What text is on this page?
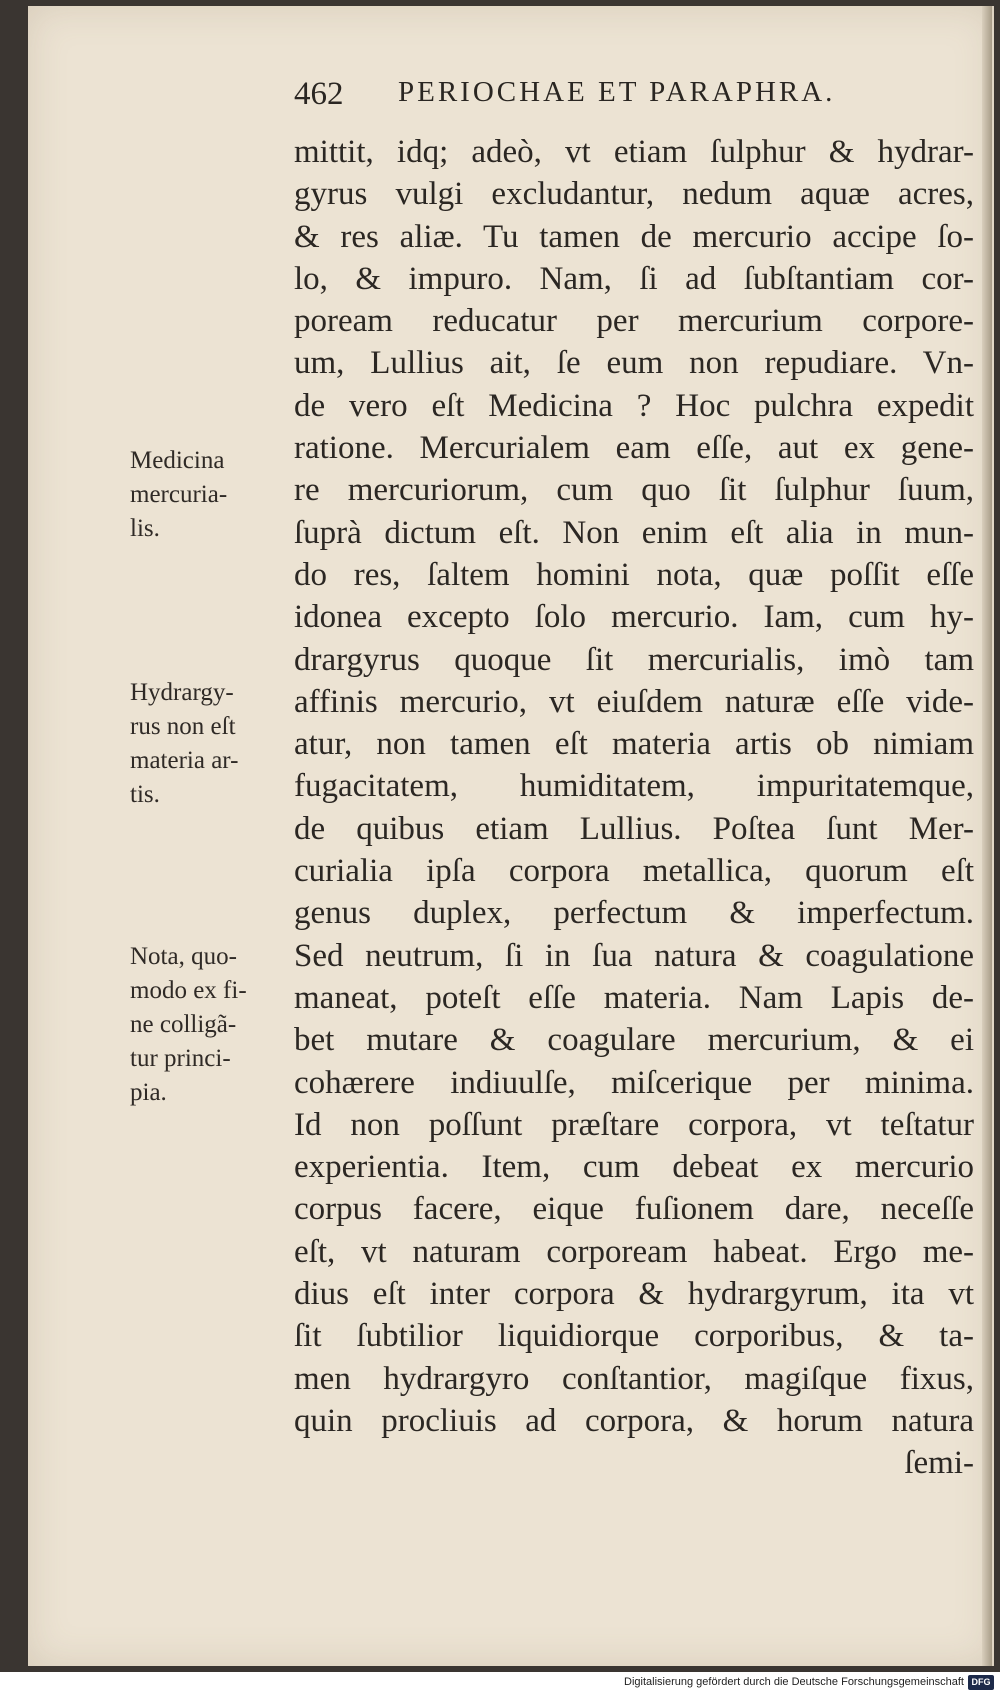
462 PERIOCHAE ET PARAPHRA.
mittit, idq; adeò, vt etiam ſulphur & hydrar-
gyrus vulgi excludantur, nedum aquæ acres,
& res aliæ. Tu tamen de mercurio accipe ſo-
lo, & impuro. Nam, ſi ad ſubſtantiam cor-
poream reducatur per mercurium corpore-
um, Lullius ait, ſe eum non repudiare. Vn-
de vero eſt Medicina ? Hoc pulchra expedit
ratione. Mercurialem eam eſſe, aut ex gene-
re mercuriorum, cum quo ſit ſulphur ſuum,
ſuprà dictum eſt. Non enim eſt alia in mun-
do res, ſaltem homini nota, quæ poſſit eſſe
idonea excepto ſolo mercurio. Iam, cum hy-
drargyrus quoque ſit mercurialis, imò tam
affinis mercurio, vt eiuſdem naturæ eſſe vide-
atur, non tamen eſt materia artis ob nimiam
fugacitatem, humiditatem, impuritatemque,
de quibus etiam Lullius. Poſtea ſunt Mer-
curialia ipſa corpora metallica, quorum eſt
genus duplex, perfectum & imperfectum.
Sed neutrum, ſi in ſua natura & coagulatione
maneat, poteſt eſſe materia. Nam Lapis de-
bet mutare & coagulare mercurium, & ei
cohærere indiuulſe, miſcerique per minima.
Id non poſſunt præſtare corpora, vt teſtatur
experientia. Item, cum debeat ex mercurio
corpus facere, eique fuſionem dare, neceſſe
eſt, vt naturam corpoream habeat. Ergo me-
dius eſt inter corpora & hydrargyrum, ita vt
ſit ſubtilior liquidiorque corporibus, & ta-
men hydrargyro conſtantior, magiſque fixus,
quin procliuis ad corpora, & horum natura
ſemi-
Medicina
mercuria-
lis.
Hydrargy-
rus non eſt
materia ar-
tis.
Nota, quo-
modo ex fi-
ne colligã-
tur princi-
pia.
Digitalisierung gefördert durch die Deutsche Forschungsgemeinschaft DFG
